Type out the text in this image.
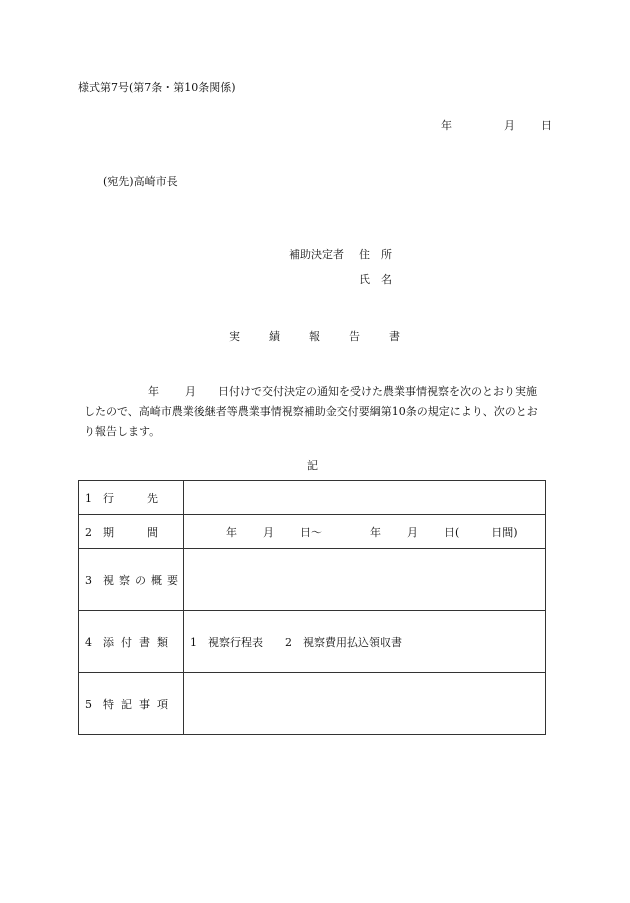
様式第7号(第7条・第10条関係)
年	月 日
(宛先)高崎市長
補助決定者 住　所
氏　名
実	績	報	告	書
年 月 日付けで交付決定の通知を受けた農業事情視察を次のとおり実施したので、高崎市農業後継者等農業事情視察補助金交付要綱第10条の規定により、次のとおり報告します。
記
1 行　　　先	
2 期　　　間	年 月 日～ 年 月 日( 日間)
3 視察の概要	
4 添付書類	1　視察行程表　　2　視察費用払込領収書
5 特記事項	
